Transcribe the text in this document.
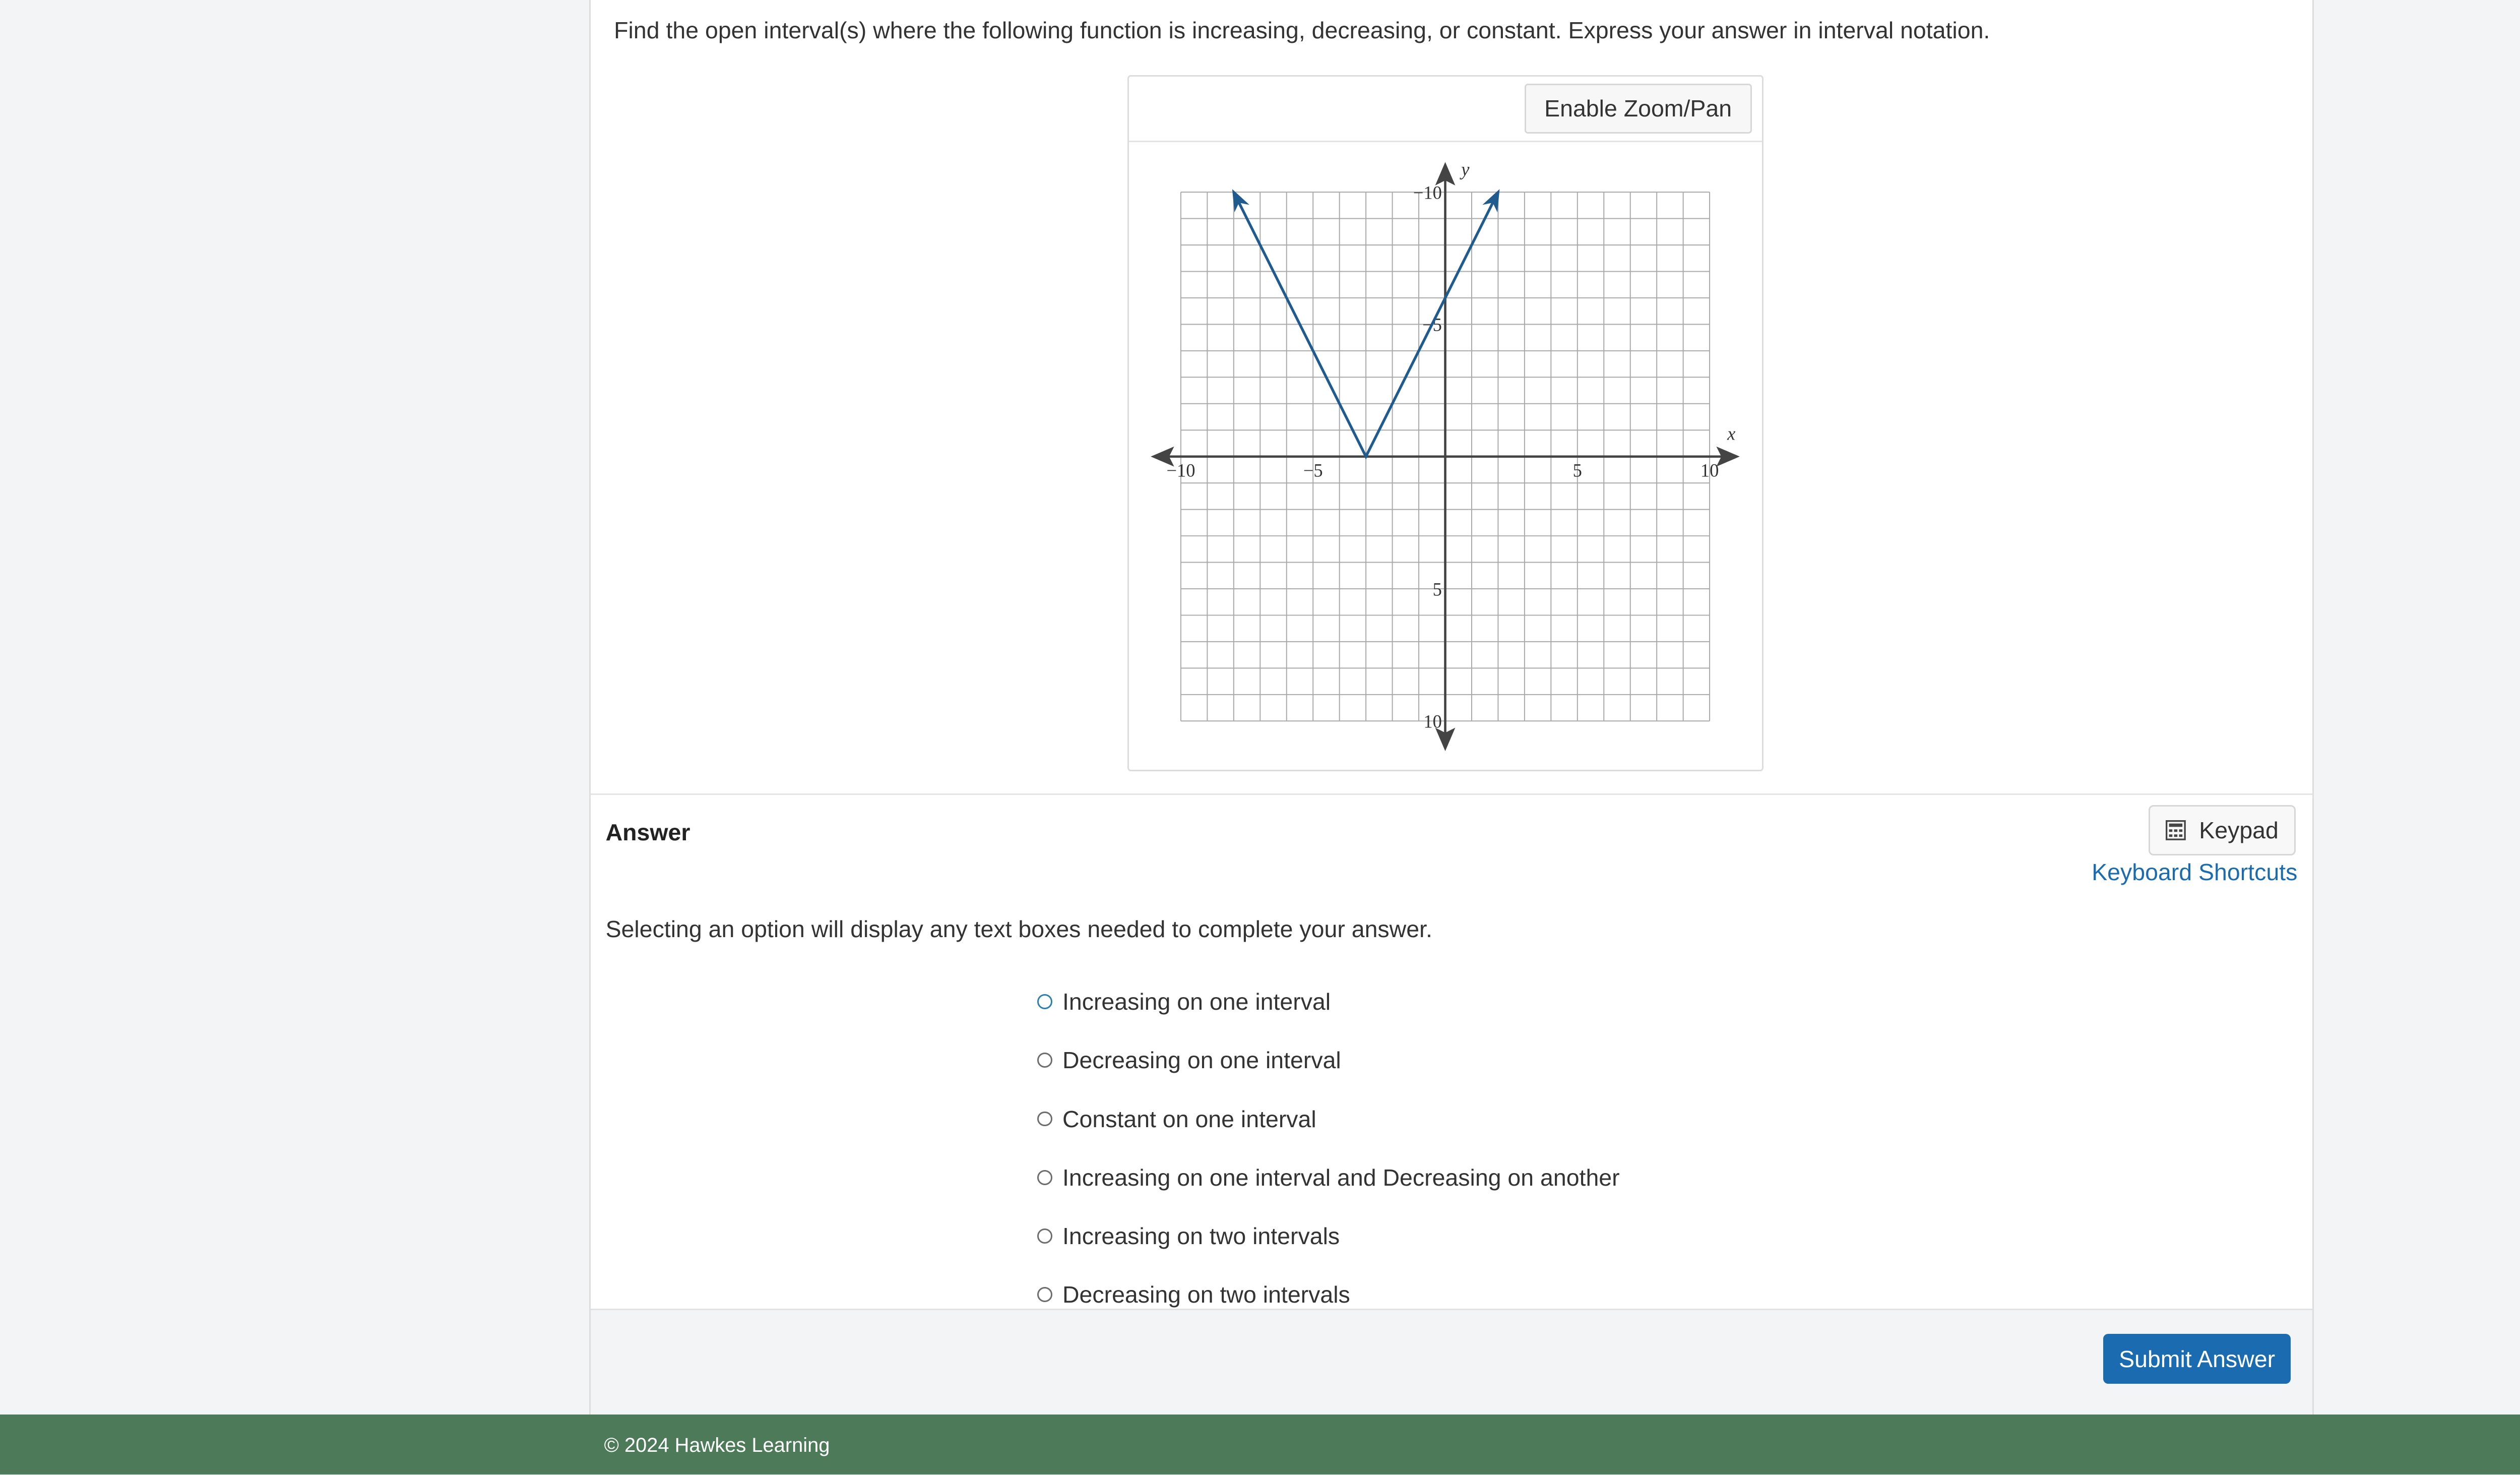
Find the open interval(s) where the following function is increasing, decreasing, or constant. Express your answer in interval notation.
Enable Zoom/Pan
x
y
−10	−5	5	10
10
5
−5
−10
Answer	Keypad
Keyboard Shortcuts
Selecting an option will display any text boxes needed to complete your answer.
Increasing on one interval
Decreasing on one interval
Constant on one interval
Increasing on one interval and Decreasing on another
Increasing on two intervals
Decreasing on two intervals
Submit Answer
© 2024 Hawkes Learning
